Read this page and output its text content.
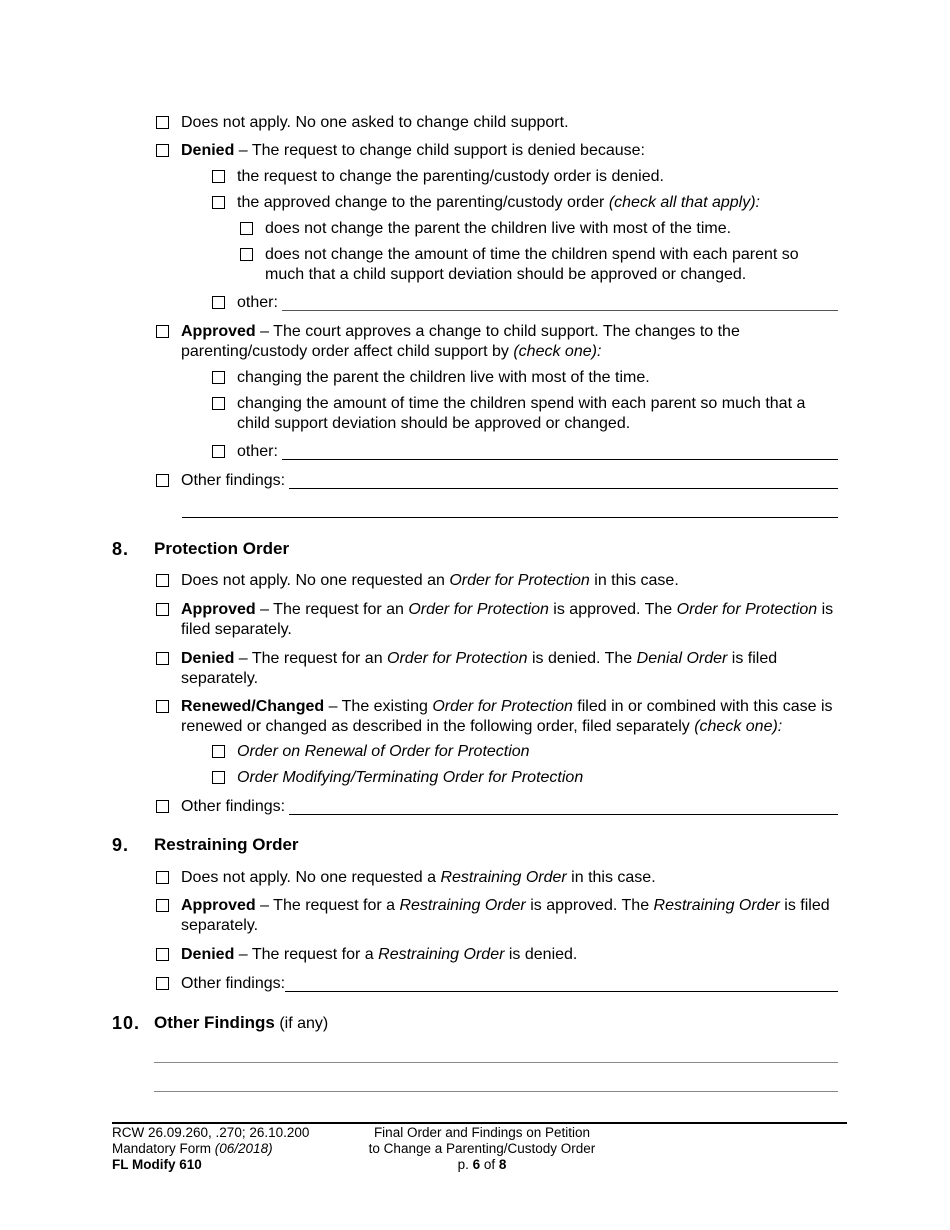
Does not apply. No one asked to change child support.
Denied – The request to change child support is denied because:
the request to change the parenting/custody order is denied.
the approved change to the parenting/custody order (check all that apply):
does not change the parent the children live with most of the time.
does not change the amount of time the children spend with each parent so much that a child support deviation should be approved or changed.
other:
Approved – The court approves a change to child support. The changes to the parenting/custody order affect child support by (check one):
changing the parent the children live with most of the time.
changing the amount of time the children spend with each parent so much that a child support deviation should be approved or changed.
other:
Other findings:
8. Protection Order
Does not apply. No one requested an Order for Protection in this case.
Approved – The request for an Order for Protection is approved. The Order for Protection is filed separately.
Denied – The request for an Order for Protection is denied. The Denial Order is filed separately.
Renewed/Changed – The existing Order for Protection filed in or combined with this case is renewed or changed as described in the following order, filed separately (check one):
Order on Renewal of Order for Protection
Order Modifying/Terminating Order for Protection
Other findings:
9. Restraining Order
Does not apply. No one requested a Restraining Order in this case.
Approved – The request for a Restraining Order is approved. The Restraining Order is filed separately.
Denied – The request for a Restraining Order is denied.
Other findings:
10. Other Findings (if any)
RCW 26.09.260, .270; 26.10.200
Mandatory Form (06/2018)
FL Modify 610
Final Order and Findings on Petition
to Change a Parenting/Custody Order
p. 6 of 8
